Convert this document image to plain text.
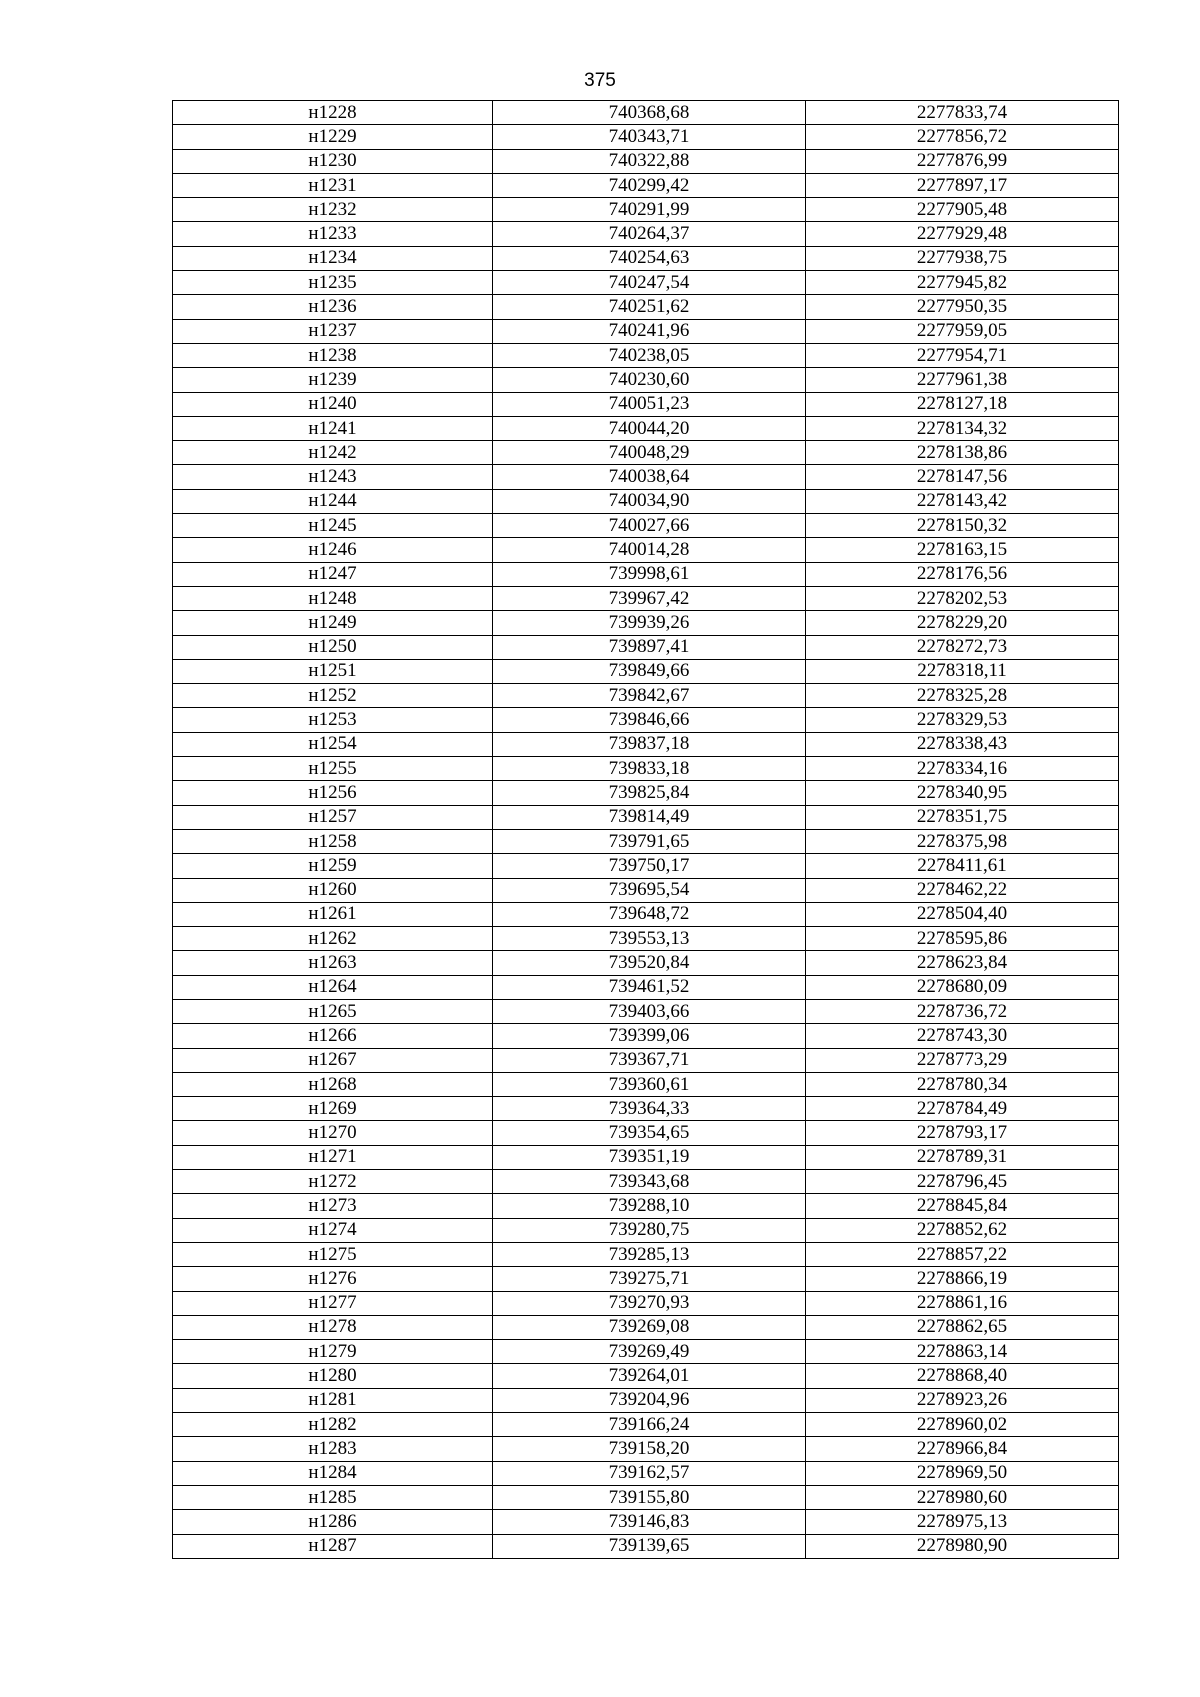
375
н1228	740368,68	2277833,74
н1229	740343,71	2277856,72
н1230	740322,88	2277876,99
н1231	740299,42	2277897,17
н1232	740291,99	2277905,48
н1233	740264,37	2277929,48
н1234	740254,63	2277938,75
н1235	740247,54	2277945,82
н1236	740251,62	2277950,35
н1237	740241,96	2277959,05
н1238	740238,05	2277954,71
н1239	740230,60	2277961,38
н1240	740051,23	2278127,18
н1241	740044,20	2278134,32
н1242	740048,29	2278138,86
н1243	740038,64	2278147,56
н1244	740034,90	2278143,42
н1245	740027,66	2278150,32
н1246	740014,28	2278163,15
н1247	739998,61	2278176,56
н1248	739967,42	2278202,53
н1249	739939,26	2278229,20
н1250	739897,41	2278272,73
н1251	739849,66	2278318,11
н1252	739842,67	2278325,28
н1253	739846,66	2278329,53
н1254	739837,18	2278338,43
н1255	739833,18	2278334,16
н1256	739825,84	2278340,95
н1257	739814,49	2278351,75
н1258	739791,65	2278375,98
н1259	739750,17	2278411,61
н1260	739695,54	2278462,22
н1261	739648,72	2278504,40
н1262	739553,13	2278595,86
н1263	739520,84	2278623,84
н1264	739461,52	2278680,09
н1265	739403,66	2278736,72
н1266	739399,06	2278743,30
н1267	739367,71	2278773,29
н1268	739360,61	2278780,34
н1269	739364,33	2278784,49
н1270	739354,65	2278793,17
н1271	739351,19	2278789,31
н1272	739343,68	2278796,45
н1273	739288,10	2278845,84
н1274	739280,75	2278852,62
н1275	739285,13	2278857,22
н1276	739275,71	2278866,19
н1277	739270,93	2278861,16
н1278	739269,08	2278862,65
н1279	739269,49	2278863,14
н1280	739264,01	2278868,40
н1281	739204,96	2278923,26
н1282	739166,24	2278960,02
н1283	739158,20	2278966,84
н1284	739162,57	2278969,50
н1285	739155,80	2278980,60
н1286	739146,83	2278975,13
н1287	739139,65	2278980,90
